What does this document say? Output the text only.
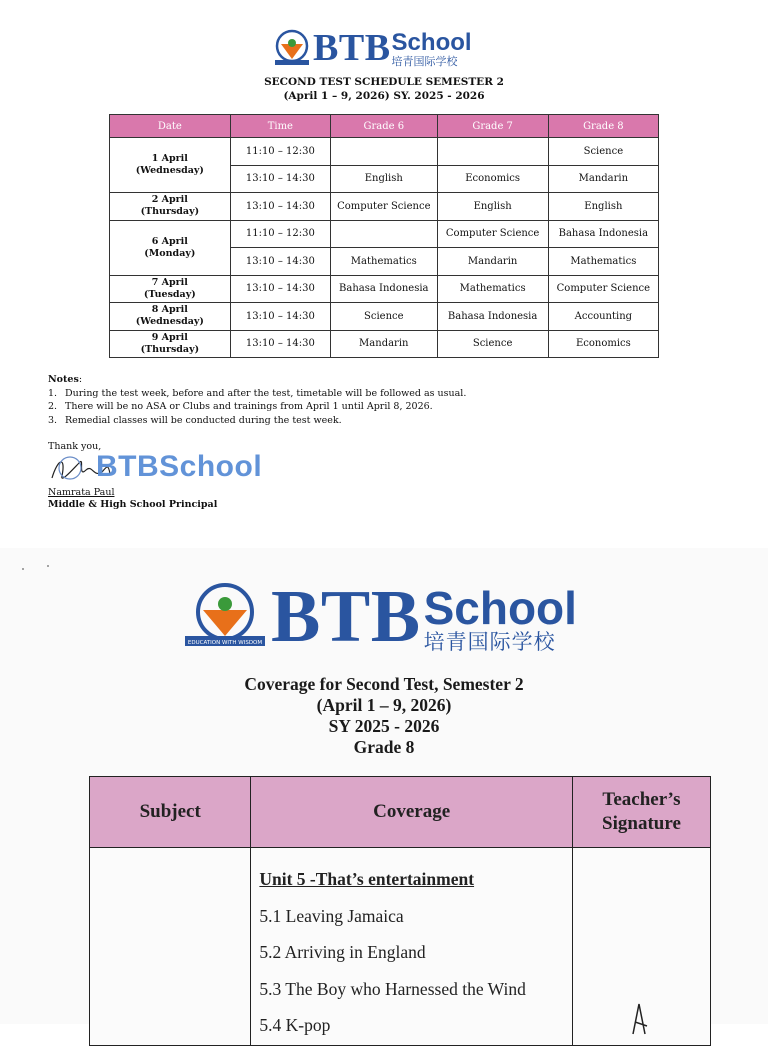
BTB School
培青国际学校
SECOND TEST SCHEDULE SEMESTER 2
(April 1 – 9, 2026) SY. 2025 - 2026
Date	Time	Grade 6	Grade 7	Grade 8
1 April
(Wednesday)	11:10 – 12:30			Science
	13:10 – 14:30	English	Economics	Mandarin
2 April
(Thursday)	13:10 – 14:30	Computer Science	English	English
6 April
(Monday)	11:10 – 12:30		Computer Science	Bahasa Indonesia
	13:10 – 14:30	Mathematics	Mandarin	Mathematics
7 April
(Tuesday)	13:10 – 14:30	Bahasa Indonesia	Mathematics	Computer Science
8 April
(Wednesday)	13:10 – 14:30	Science	Bahasa Indonesia	Accounting
9 April
(Thursday)	13:10 – 14:30	Mandarin	Science	Economics
Notes:
1. During the test week, before and after the test, timetable will be followed as usual.
2. There will be no ASA or Clubs and trainings from April 1 until April 8, 2026.
3. Remedial classes will be conducted during the test week.
Thank you,
BTBSchool
Namrata Paul
Middle & High School Principal
EDUCATION WITH WISDOM BTB School
培青国际学校
Coverage for Second Test, Semester 2
(April 1 – 9, 2026)
SY 2025 - 2026
Grade 8
Subject	Coverage	Teacher’s Signature

	Unit 5 -That’s entertainment
5.1 Leaving Jamaica
5.2 Arriving in England
5.3 The Boy who Harnessed the Wind
5.4 K-pop
